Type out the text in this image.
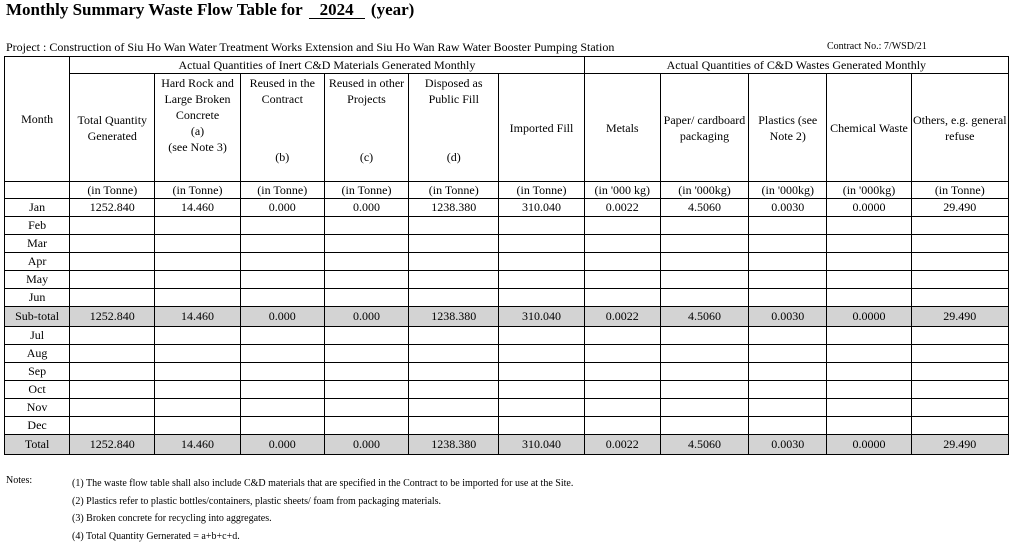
Monthly Summary Waste Flow Table for 2024 (year)
Project : Construction of Siu Ho Wan Water Treatment Works Extension and Siu Ho Wan Raw Water Booster Pumping Station	Contract No.: 7/WSD/21
Month	Actual Quantities of Inert C&D Materials Generated Monthly						Actual Quantities of C&D Wastes Generated Monthly				
	Total Quantity Generated	Hard Rock and Large Broken Concrete
(a)
(see Note 3)	Reused in the Contract
(b)	Reused in other Projects
(c)	Disposed as Public Fill
(d)	Imported Fill	Metals	Paper/ cardboard packaging	Plastics (see Note 2)	Chemical Waste	Others, e.g. general refuse
	(in Tonne)	(in Tonne)	(in Tonne)	(in Tonne)	(in Tonne)	(in Tonne)	(in '000 kg)	(in '000kg)	(in '000kg)	(in '000kg)	(in Tonne)
Jan	1252.840	14.460	0.000	0.000	1238.380	310.040	0.0022	4.5060	0.0030	0.0000	29.490
Feb											
Mar											
Apr											
May											
Jun											
Sub-total	1252.840	14.460	0.000	0.000	1238.380	310.040	0.0022	4.5060	0.0030	0.0000	29.490
Jul											
Aug											
Sep											
Oct											
Nov											
Dec											
Total	1252.840	14.460	0.000	0.000	1238.380	310.040	0.0022	4.5060	0.0030	0.0000	29.490
Notes:	(1) The waste flow table shall also include C&D materials that are specified in the Contract to be imported for use at the Site.
(2) Plastics refer to plastic bottles/containers, plastic sheets/ foam from packaging materials.
(3) Broken concrete for recycling into aggregates.
(4) Total Quantity Gernerated = a+b+c+d.
